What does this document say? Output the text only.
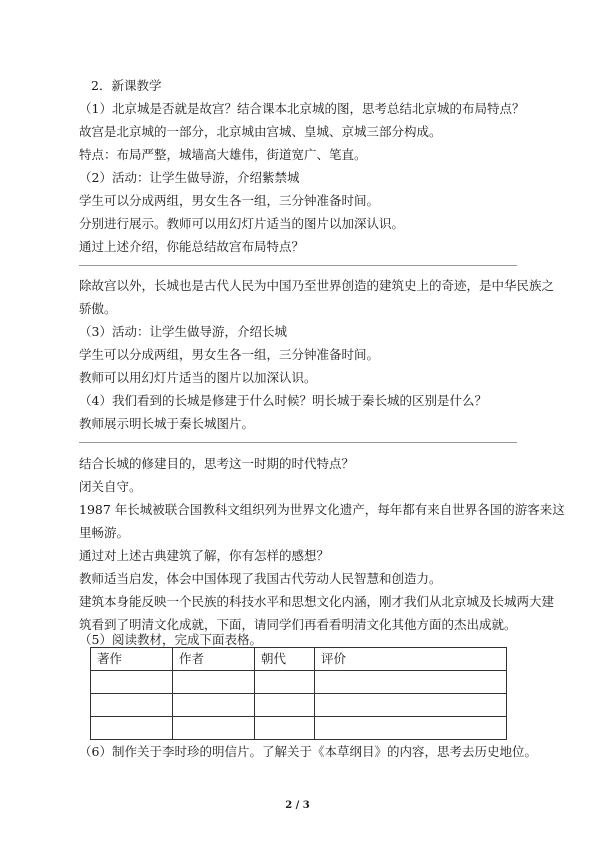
2．新课教学
（1）北京城是否就是故宫？结合课本北京城的图，思考总结北京城的布局特点？
故宫是北京城的一部分，北京城由宫城、皇城、京城三部分构成。
特点：布局严整，城墙高大雄伟，街道宽广、笔直。
（2）活动：让学生做导游，介绍紫禁城
学生可以分成两组，男女生各一组，三分钟准备时间。
分别进行展示。教师可以用幻灯片适当的图片以加深认识。
通过上述介绍，你能总结故宫布局特点？
除故宫以外，长城也是古代人民为中国乃至世界创造的建筑史上的奇迹，是中华民族之
骄傲。
（3）活动：让学生做导游，介绍长城
学生可以分成两组，男女生各一组，三分钟准备时间。
教师可以用幻灯片适当的图片以加深认识。
（4）我们看到的长城是修建于什么时候？明长城于秦长城的区别是什么？
教师展示明长城于秦长城图片。
结合长城的修建目的，思考这一时期的时代特点？
闭关自守。
1987 年长城被联合国教科文组织列为世界文化遗产，每年都有来自世界各国的游客来这
里畅游。
通过对上述古典建筑了解，你有怎样的感想？
教师适当启发，体会中国体现了我国古代劳动人民智慧和创造力。
建筑本身能反映一个民族的科技水平和思想文化内涵，刚才我们从北京城及长城两大建
筑看到了明清文化成就，下面，请同学们再看看明清文化其他方面的杰出成就。
（5）阅读教材，完成下面表格。
著作	作者	朝代	评价

（6）制作关于李时珍的明信片。了解关于《本草纲目》的内容，思考去历史地位。
2 / 3
